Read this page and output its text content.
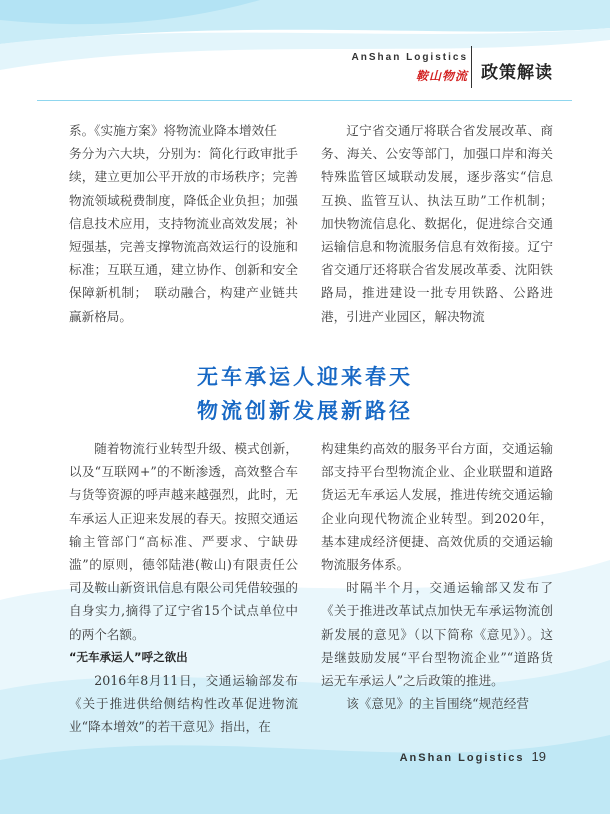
AnShan Logistics
鞍山物流 政策解读

系。《实施方案》将物流业降本增效任

务分为六大块，分别为：简化行政审批手续，建立更加公平开放的市场秩序；完善物流领域税费制度，降低企业负担；加强信息技术应用，支持物流业高效发展；补短强基，完善支撑物流高效运行的设施和标准；互联互通，建立协作、创新和安全保障新机制；　联动融合，构建产业链共赢新格局。

辽宁省交通厅将联合省发展改革、商务、海关、公安等部门，加强口岸和海关特殊监管区域联动发展，逐步落实“信息互换、监管互认、执法互助”工作机制；加快物流信息化、数据化，促进综合交通运输信息和物流服务信息有效衔接。辽宁省交通厅还将联合省发展改革委、沈阳铁路局，推进建设一批专用铁路、公路进港，引进产业园区，解决物流

无车承运人迎来春天
物流创新发展新路径

随着物流行业转型升级、模式创新，以及“互联网+”的不断渗透，高效整合车与货等资源的呼声越来越强烈，此时，无车承运人正迎来发展的春天。按照交通运输主管部门“高标准、严要求、宁缺毋滥”的原则，德邻陆港(鞍山)有限责任公司及鞍山新资讯信息有限公司凭借较强的自身实力,摘得了辽宁省15个试点单位中的两个名额。

“无车承运人”呼之欲出

2016年8月11日，交通运输部发布《关于推进供给侧结构性改革促进物流业“降本增效”的若干意见》指出，在

构建集约高效的服务平台方面，交通运输部支持平台型物流企业、企业联盟和道路货运无车承运人发展，推进传统交通运输企业向现代物流企业转型。到2020年，基本建成经济便捷、高效优质的交通运输物流服务体系。

时隔半个月，交通运输部又发布了《关于推进改革试点加快无车承运物流创新发展的意见》（以下简称《意见》）。这是继鼓励发展“平台型物流企业”“道路货运无车承运人”之后政策的推进。

该《意见》的主旨围绕“规范经营

AnShan Logistics 19
